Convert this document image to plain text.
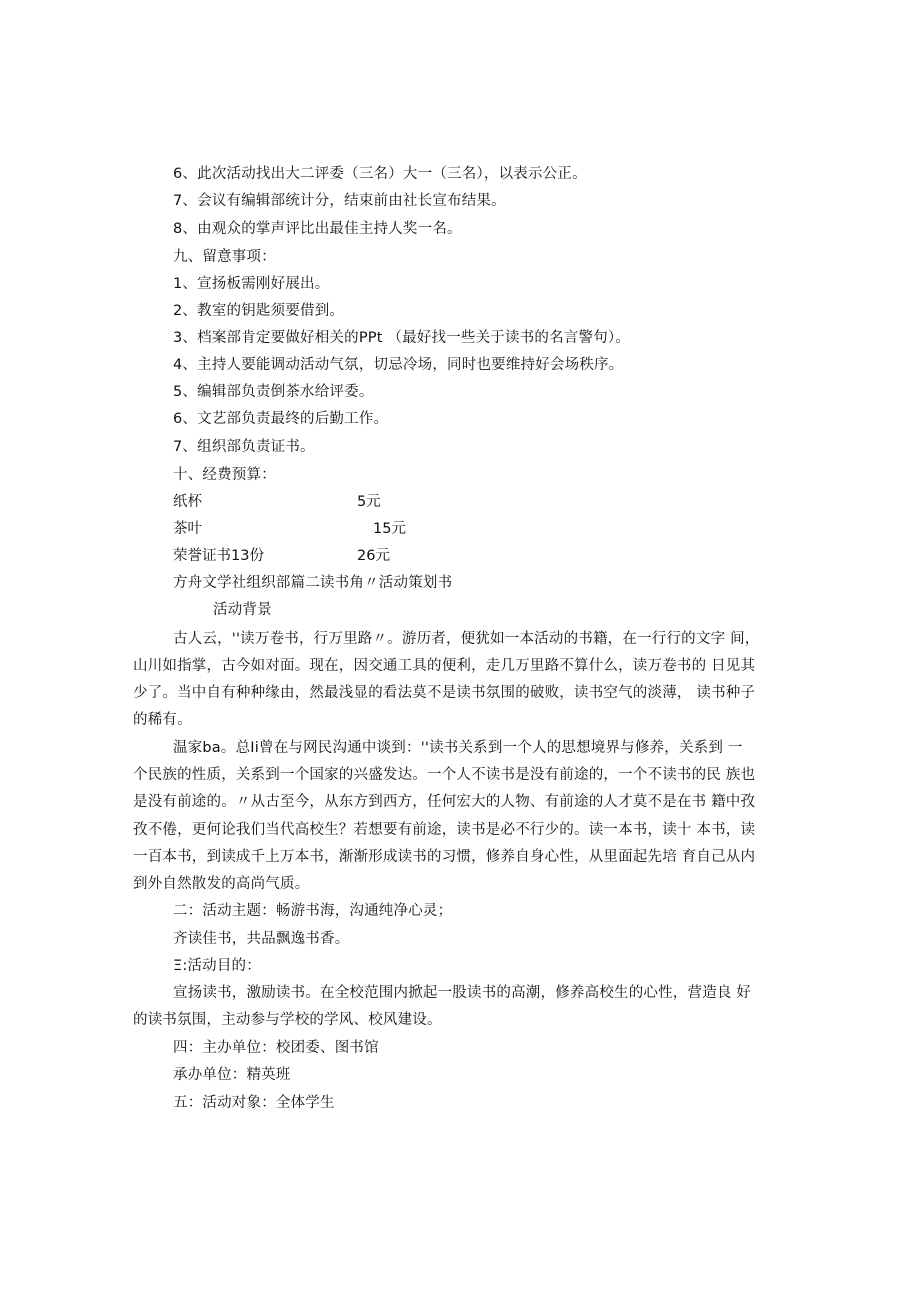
6、此次活动找出大二评委（三名）大一（三名），以表示公正。
7、会议有编辑部统计分，结束前由社长宣布结果。
8、由观众的掌声评比出最佳主持人奖一名。
九、留意事项：
1、宣扬板需刚好展出。
2、教室的钥匙须要借到。
3、档案部肯定要做好相关的PPt （最好找一些关于读书的名言警句）。
4、主持人要能调动活动气氛，切忌冷场，同时也要维持好会场秩序。
5、编辑部负责倒茶水给评委。
6、文艺部负责最终的后勤工作。
7、组织部负责证书。
十、经费预算：
纸杯	5元
茶叶	15元
荣誉证书13份	26元
方舟文学社组织部篇二读书角〃活动策划书
活动背景
古人云，''读万卷书，行万里路〃。游历者，便犹如一本活动的书籍，在一行行的文字 间，
山川如指掌，古今如对面。现在，因交通工具的便利，走几万里路不算什么，读万卷书的 日见其
少了。当中自有种种缘由，然最浅显的看法莫不是读书氛围的破败，读书空气的淡薄， 读书种子
的稀有。
温家ba。总Ii曾在与网民沟通中谈到：''读书关系到一个人的思想境界与修养，关系到 一
个民族的性质，关系到一个国家的兴盛发达。一个人不读书是没有前途的，一个不读书的民 族也
是没有前途的。〃从古至今，从东方到西方，任何宏大的人物、有前途的人才莫不是在书 籍中孜
孜不倦，更何论我们当代高校生？若想要有前途，读书是必不行少的。读一本书，读十 本书，读
一百本书，到读成千上万本书，渐渐形成读书的习惯，修养自身心性，从里面起先培 育自己从内
到外自然散发的高尚气质。
二：活动主题：畅游书海，沟通纯净心灵；
齐读佳书，共品飘逸书香。
Ξ:活动目的：
宣扬读书，激励读书。在全校范围内掀起一股读书的高潮，修养高校生的心性，营造良 好
的读书氛围，主动参与学校的学风、校风建设。
四：主办单位：校团委、图书馆
承办单位：精英班
五：活动对象：全体学生
